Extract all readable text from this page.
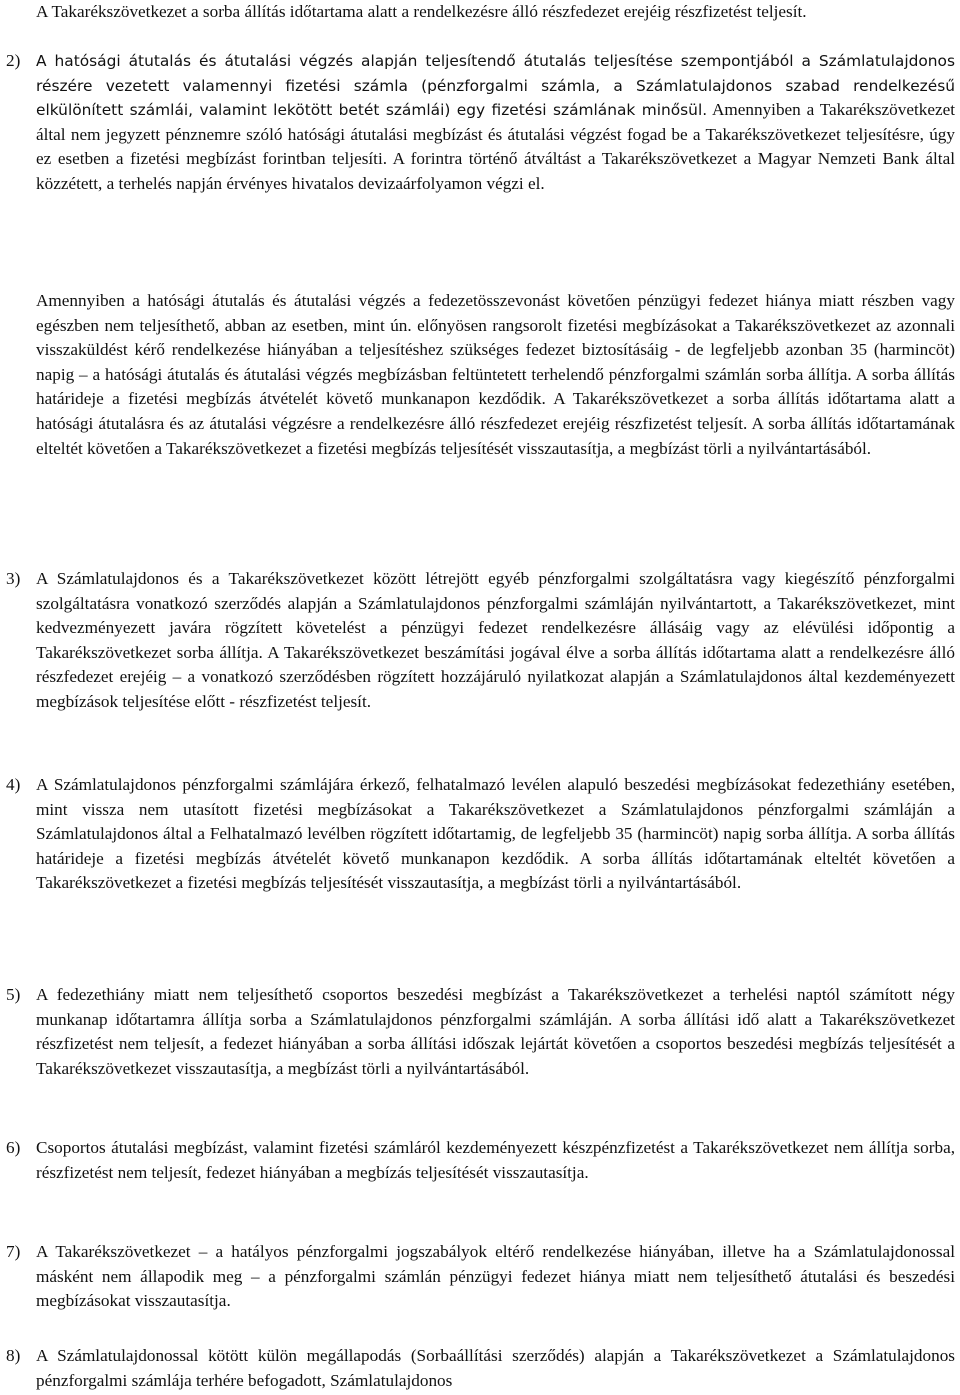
A Takarékszövetkezet a sorba állítás időtartama alatt a rendelkezésre álló részfedezet erejéig részfizetést teljesít.

2)	A hatósági átutalás és átutalási végzés alapján teljesítendő átutalás teljesítése szempontjából a Számlatulajdonos részére vezetett valamennyi fizetési számla (pénzforgalmi számla, a Számlatulajdonos szabad rendelkezésű elkülönített számlái, valamint lekötött betét számlái) egy fizetési számlának minősül. Amennyiben a Takarékszövetkezet által nem jegyzett pénznemre szóló hatósági átutalási megbízást és átutalási végzést fogad be a Takarékszövetkezet teljesítésre, úgy ez esetben a fizetési megbízást forintban teljesíti. A forintra történő átváltást a Takarékszövetkezet a Magyar Nemzeti Bank által közzétett, a terhelés napján érvényes hivatalos devizaárfolyamon végzi el.
Amennyiben a hatósági átutalás és átutalási végzés a fedezetösszevonást követően pénzügyi fedezet hiánya miatt részben vagy egészben nem teljesíthető, abban az esetben, mint ún. előnyösen rangsorolt fizetési megbízásokat a Takarékszövetkezet az azonnali visszaküldést kérő rendelkezése hiányában a teljesítéshez szükséges fedezet biztosításáig - de legfeljebb azonban 35 (harmincöt) napig – a hatósági átutalás és átutalási végzés megbízásban feltüntetett terhelendő pénzforgalmi számlán sorba állítja. A sorba állítás határideje a fizetési megbízás átvételét követő munkanapon kezdődik. A Takarékszövetkezet a sorba állítás időtartama alatt a hatósági átutalásra és az átutalási végzésre a rendelkezésre álló részfedezet erejéig részfizetést teljesít. A sorba állítás időtartamának elteltét követően a Takarékszövetkezet a fizetési megbízás teljesítését visszautasítja, a megbízást törli a nyilvántartásából.
3) A Számlatulajdonos és a Takarékszövetkezet között létrejött egyéb pénzforgalmi szolgáltatásra vagy kiegészítő pénzforgalmi szolgáltatásra vonatkozó szerződés alapján a Számlatulajdonos pénzforgalmi számláján nyilvántartott, a Takarékszövetkezet, mint kedvezményezett javára rögzített követelést a pénzügyi fedezet rendelkezésre állásáig vagy az elévülési időpontig a Takarékszövetkezet sorba állítja. A Takarékszövetkezet beszámítási jogával élve a sorba állítás időtartama alatt a rendelkezésre álló részfedezet erejéig – a vonatkozó szerződésben rögzített hozzájáruló nyilatkozat alapján a Számlatulajdonos által kezdeményezett megbízások teljesítése előtt - részfizetést teljesít.
4) A Számlatulajdonos pénzforgalmi számlájára érkező, felhatalmazó levélen alapuló beszedési megbízásokat fedezethiány esetében, mint vissza nem utasított fizetési megbízásokat a Takarékszövetkezet a Számlatulajdonos pénzforgalmi számláján a Számlatulajdonos által a Felhatalmazó levélben rögzített időtartamig, de legfeljebb 35 (harmincöt) napig sorba állítja. A sorba állítás határideje a fizetési megbízás átvételét követő munkanapon kezdődik. A sorba állítás időtartamának elteltét követően a Takarékszövetkezet a fizetési megbízás teljesítését visszautasítja, a megbízást törli a nyilvántartásából.
5) A fedezethiány miatt nem teljesíthető csoportos beszedési megbízást a Takarékszövetkezet a terhelési naptól számított négy munkanap időtartamra állítja sorba a Számlatulajdonos pénzforgalmi számláján. A sorba állítási idő alatt a Takarékszövetkezet részfizetést nem teljesít, a fedezet hiányában a sorba állítási időszak lejártát követően a csoportos beszedési megbízás teljesítését a Takarékszövetkezet visszautasítja, a megbízást törli a nyilvántartásából.
6) Csoportos átutalási megbízást, valamint fizetési számláról kezdeményezett készpénzfizetést a Takarékszövetkezet nem állítja sorba, részfizetést nem teljesít, fedezet hiányában a megbízás teljesítését visszautasítja.
7) A Takarékszövetkezet – a hatályos pénzforgalmi jogszabályok eltérő rendelkezése hiányában, illetve ha a Számlatulajdonossal másként nem állapodik meg – a pénzforgalmi számlán pénzügyi fedezet hiánya miatt nem teljesíthető átutalási és beszedési megbízásokat visszautasítja.
8) A Számlatulajdonossal kötött külön megállapodás (Sorbaállítási szerződés) alapján a Takarékszövetkezet a Számlatulajdonos pénzforgalmi számlája terhére befogadott, Számlatulajdonos
